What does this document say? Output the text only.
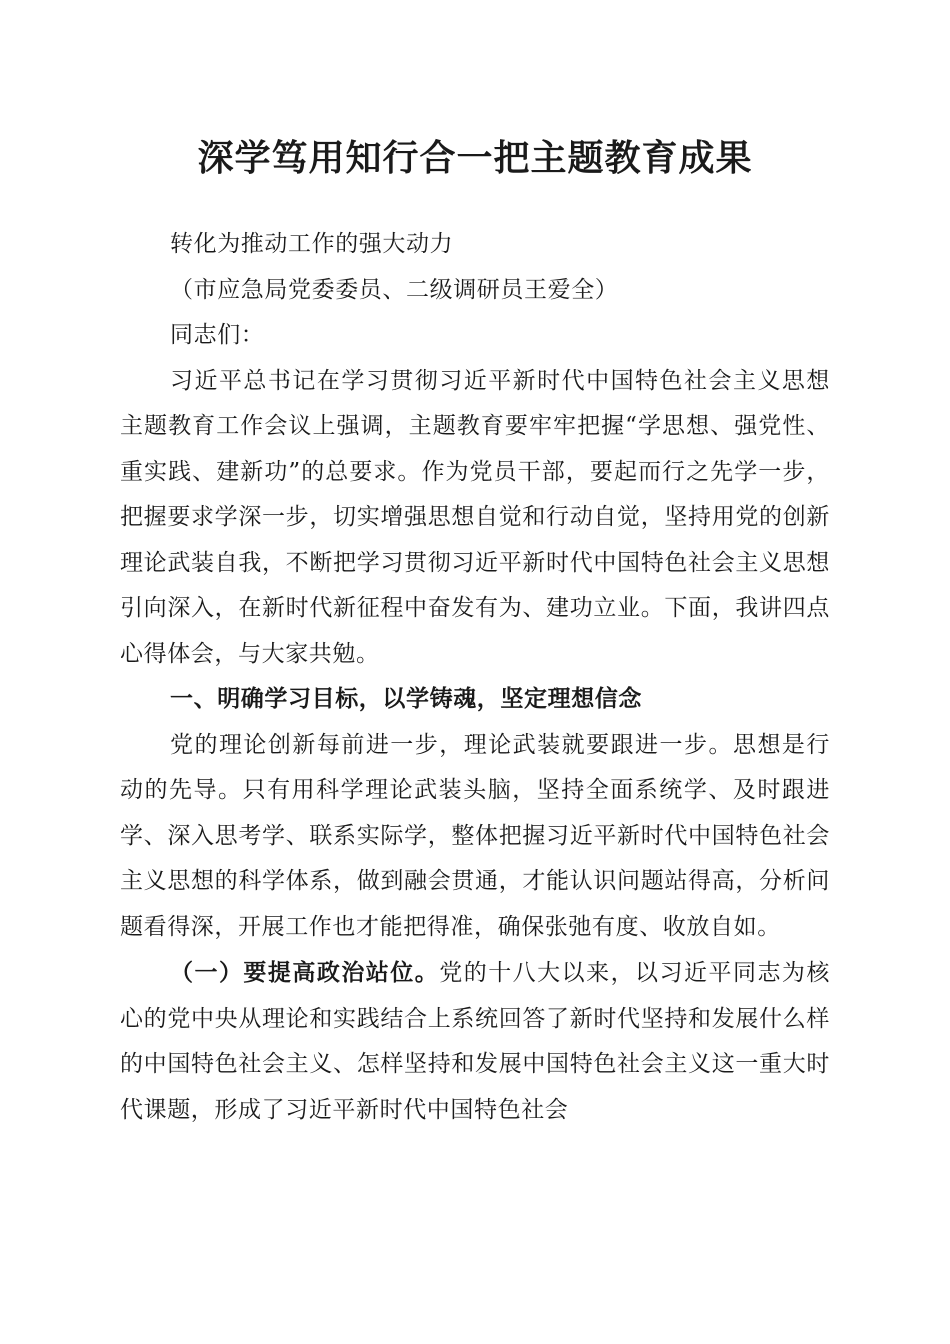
深学笃用知行合一把主题教育成果

转化为推动工作的强大动力

（市应急局党委委员、二级调研员王爱全）

同志们：

习近平总书记在学习贯彻习近平新时代中国特色社会主义思想主题教育工作会议上强调，主题教育要牢牢把握“学思想、强党性、重实践、建新功”的总要求。作为党员干部，要起而行之先学一步，把握要求学深一步，切实增强思想自觉和行动自觉，坚持用党的创新理论武装自我，不断把学习贯彻习近平新时代中国特色社会主义思想引向深入，在新时代新征程中奋发有为、建功立业。下面，我讲四点心得体会，与大家共勉。

一、明确学习目标，以学铸魂，坚定理想信念

党的理论创新每前进一步，理论武装就要跟进一步。思想是行动的先导。只有用科学理论武装头脑，坚持全面系统学、及时跟进学、深入思考学、联系实际学，整体把握习近平新时代中国特色社会主义思想的科学体系，做到融会贯通，才能认识问题站得高，分析问题看得深，开展工作也才能把得准，确保张弛有度、收放自如。

（一）要提高政治站位。党的十八大以来，以习近平同志为核心的党中央从理论和实践结合上系统回答了新时代坚持和发展什么样的中国特色社会主义、怎样坚持和发展中国特色社会主义这一重大时代课题，形成了习近平新时代中国特色社会
